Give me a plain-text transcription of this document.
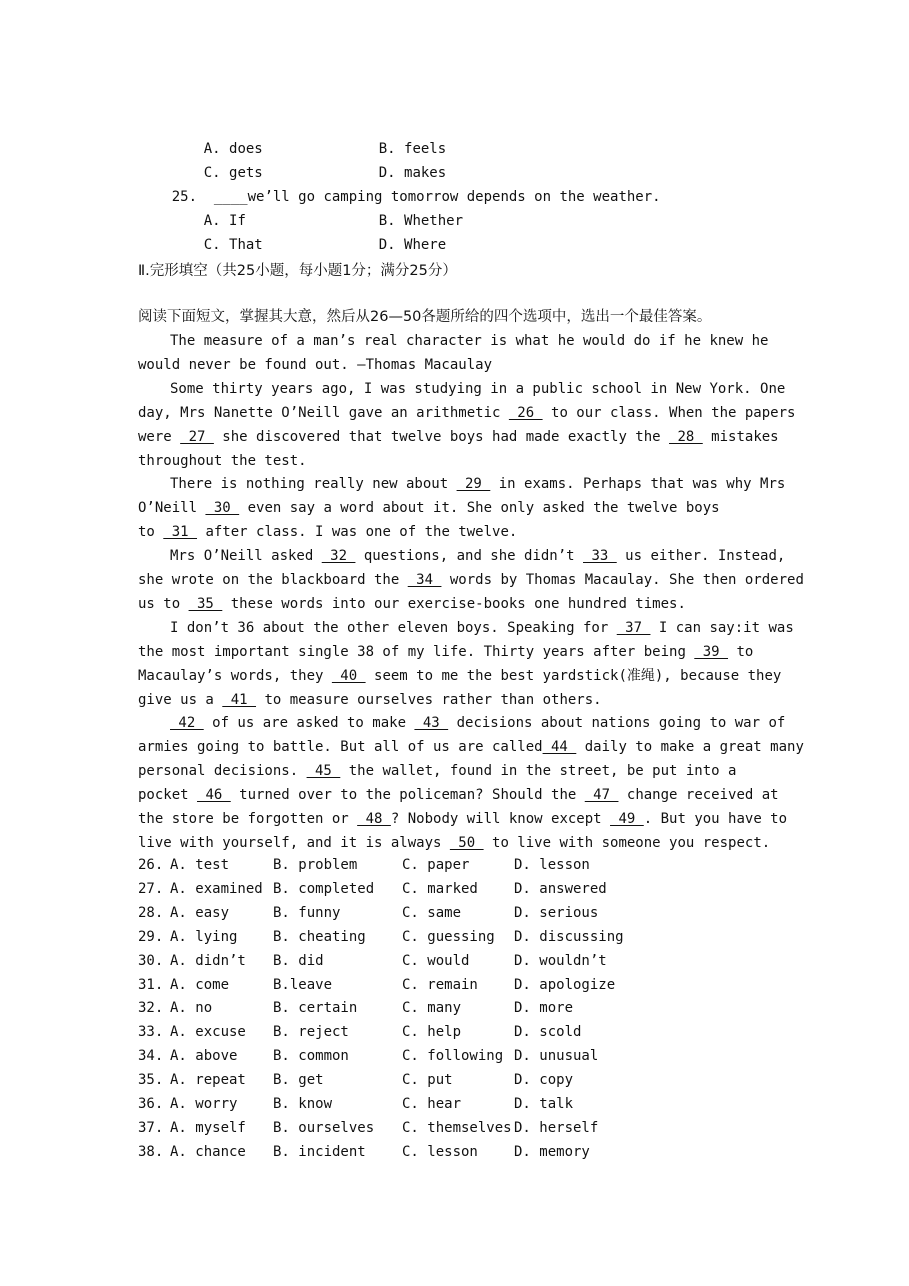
A. does
	B. feels

C. gets
	D. makes

25. ____we’ll go camping tomorrow depends on the weather.

A. If
	B. Whether

C. That
	D. Where

Ⅱ.完形填空（共25小题，每小题1分；满分25分）
阅读下面短文，掌握其大意，然后从26—50各题所给的四个选项中，选出一个最佳答案。
The measure of a man’s real character is what he would do if he knew he
would never be found out. —Thomas Macaulay
Some thirty years ago, I was studying in a public school in New York. One
day, Mrs Nanette O’Neill gave an arithmetic  26  to our class. When the papers
were  27  she discovered that twelve boys had made exactly the  28  mistakes
throughout the test.
There is nothing really new about  29  in exams. Perhaps that was why Mrs
O’Neill  30  even say a word about it. She only asked the twelve boys
to  31  after class. I was one of the twelve.
Mrs O’Neill asked  32  questions, and she didn’t  33  us either. Instead,
she wrote on the blackboard the  34  words by Thomas Macaulay. She then ordered
us to  35  these words into our exercise-books one hundred times.
I don’t 36 about the other eleven boys. Speaking for  37  I can say:it was
the most important single 38 of my life. Thirty years after being  39  to
Macaulay’s words, they  40  seem to me the best yardstick(准绳), because they
give us a  41  to measure ourselves rather than others.
42  of us are asked to make  43  decisions about nations going to war of
armies going to battle. But all of us are called 44  daily to make a great many
personal decisions.  45  the wallet, found in the street, be put into a
pocket  46  turned over to the policeman? Should the  47  change received at
the store be forgotten or  48 ? Nobody will know except  49 . But you have to
live with yourself, and it is always  50  to live with someone you respect.
26. A. test	B. problem	C. paper	D. lesson
27. A. examined B. completed C. marked	D. answered
28. A. easy	B. funny	C. same	D. serious
29. A. lying	B. cheating	C. guessing D. discussing
30. A. didn’t B. did	C. would	D. wouldn’t
31. A. come	B.leave	C. remain	D. apologize
32. A. no	B. certain	C. many	D. more
33. A. excuse B. reject	C. help	D. scold
34. A. above	B. common	C. following D. unusual
35. A. repeat B. get	C. put	D. copy
36. A. worry	B. know	C. hear	D. talk
37. A. myself B. ourselves C. themselves D. herself
38. A. chance B. incident	C. lesson	D. memory
